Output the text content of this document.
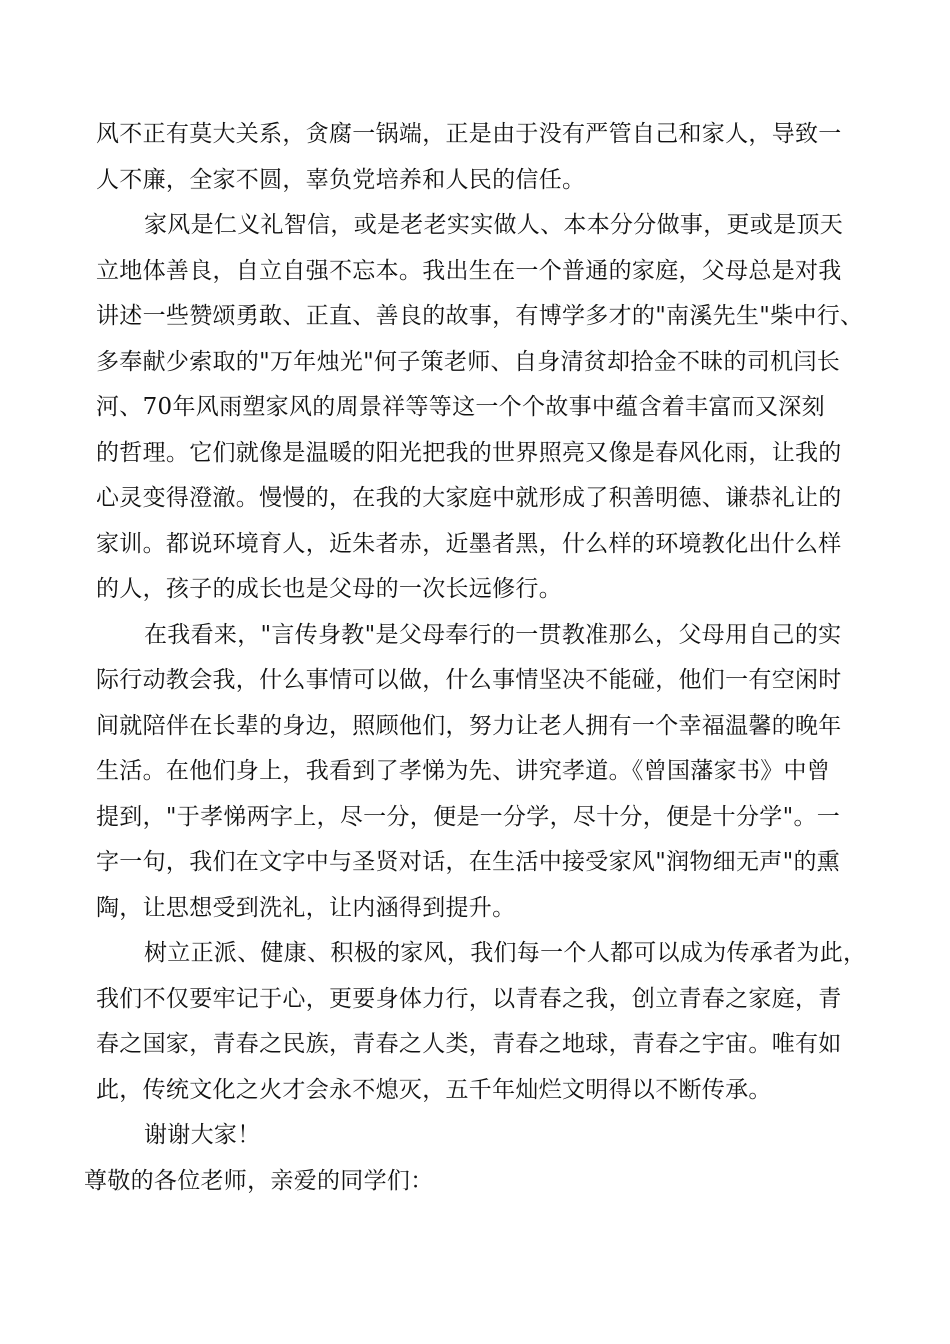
风不正有莫大关系，贪腐一锅端，正是由于没有严管自己和家人，导致一
人不廉，全家不圆，辜负党培养和人民的信任。
家风是仁义礼智信，或是老老实实做人、本本分分做事，更或是顶天
立地体善良，自立自强不忘本。我出生在一个普通的家庭，父母总是对我
讲述一些赞颂勇敢、正直、善良的故事，有博学多才的"南溪先生"柴中行、
多奉献少索取的"万年烛光"何子策老师、自身清贫却拾金不昧的司机闫长
河、70年风雨塑家风的周景祥等等这一个个故事中蕴含着丰富而又深刻
的哲理。它们就像是温暖的阳光把我的世界照亮又像是春风化雨，让我的
心灵变得澄澈。慢慢的，在我的大家庭中就形成了积善明德、谦恭礼让的
家训。都说环境育人，近朱者赤，近墨者黑，什么样的环境教化出什么样
的人，孩子的成长也是父母的一次长远修行。
在我看来，"言传身教"是父母奉行的一贯教准那么，父母用自己的实
际行动教会我，什么事情可以做，什么事情坚决不能碰，他们一有空闲时
间就陪伴在长辈的身边，照顾他们，努力让老人拥有一个幸福温馨的晚年
生活。在他们身上，我看到了孝悌为先、讲究孝道。《曾国藩家书》中曾
提到，"于孝悌两字上，尽一分，便是一分学，尽十分，便是十分学"。一
字一句，我们在文字中与圣贤对话，在生活中接受家风"润物细无声"的熏
陶，让思想受到洗礼，让内涵得到提升。
树立正派、健康、积极的家风，我们每一个人都可以成为传承者为此，
我们不仅要牢记于心，更要身体力行，以青春之我，创立青春之家庭，青
春之国家，青春之民族，青春之人类，青春之地球，青春之宇宙。唯有如
此，传统文化之火才会永不熄灭，五千年灿烂文明得以不断传承。
谢谢大家！
尊敬的各位老师，亲爱的同学们：
